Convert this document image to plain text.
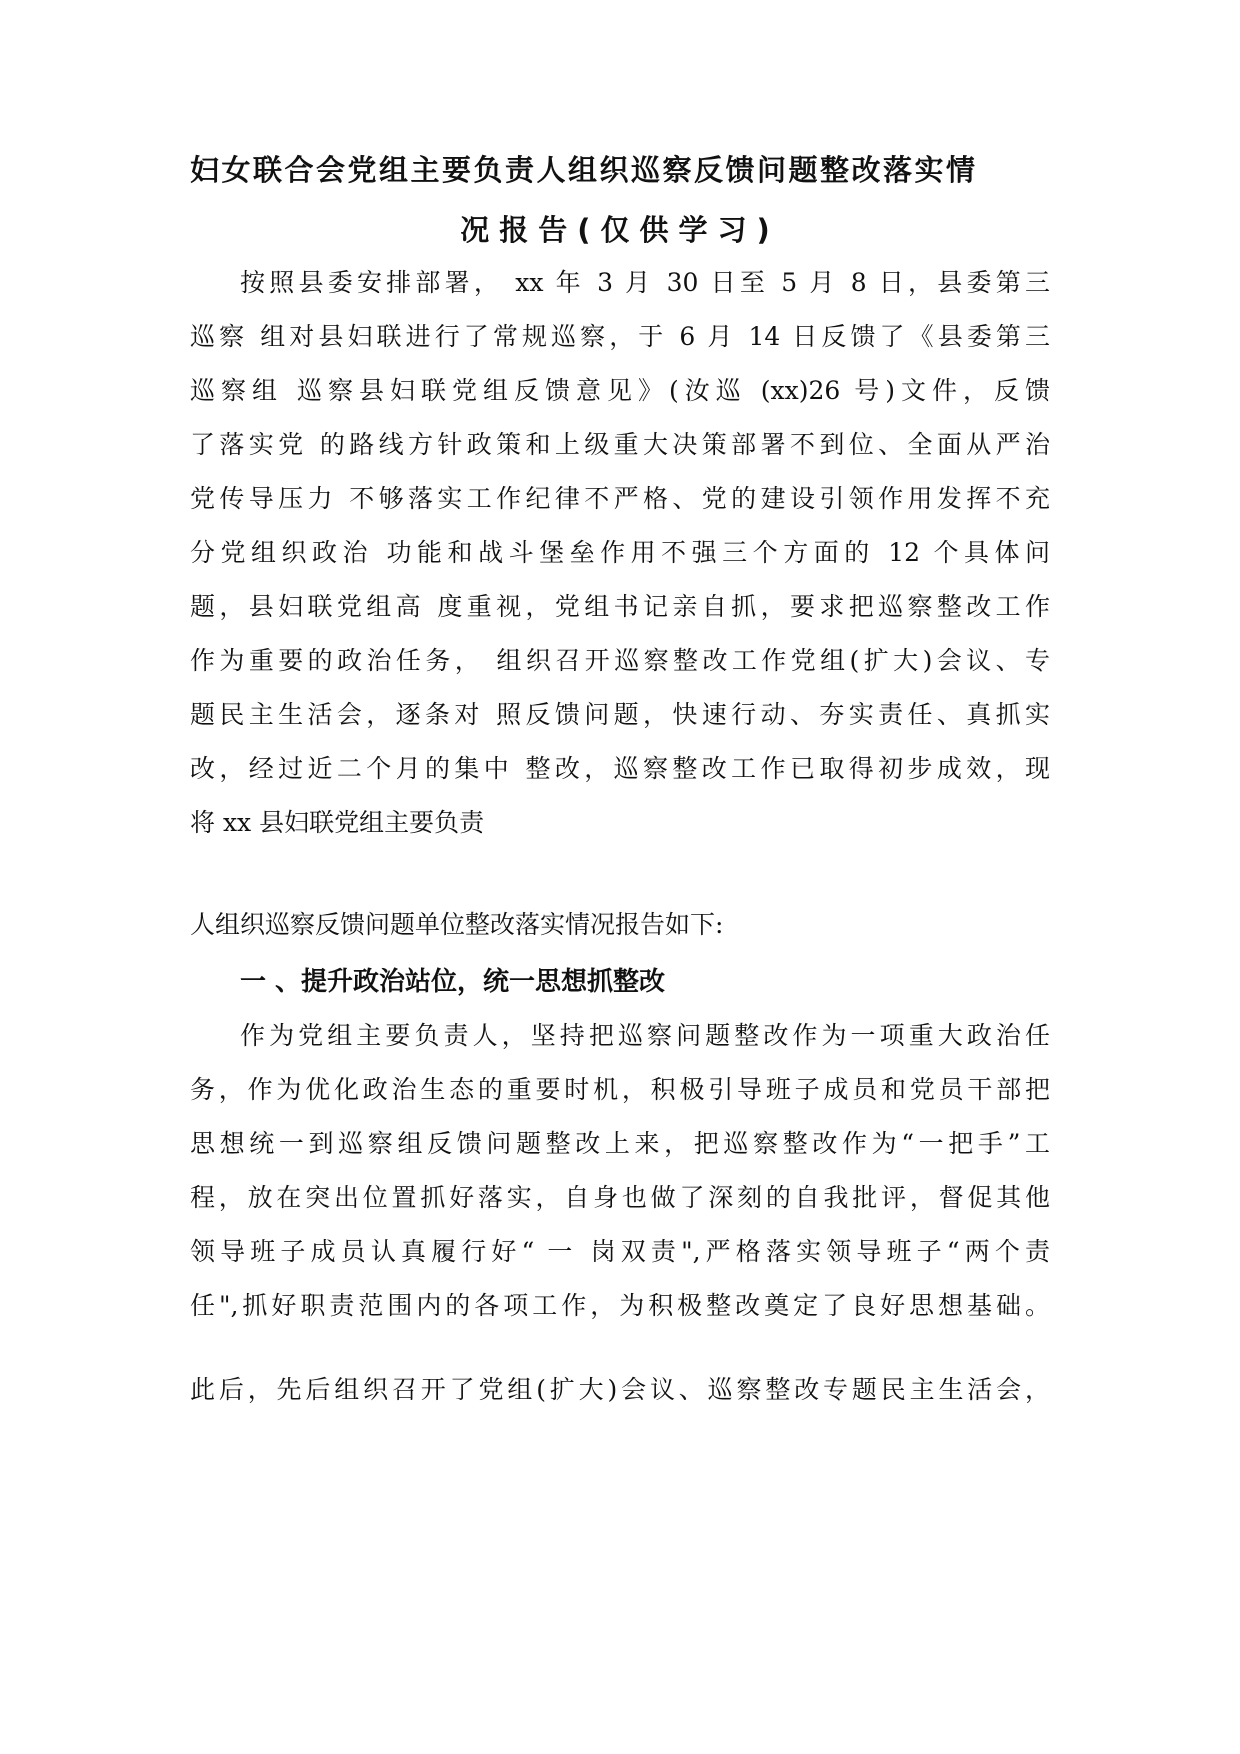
妇女联合会党组主要负责人组织巡察反馈问题整改落实情
况报告(仅供学习)
按照县委安排部署， xx 年 3 月 30 日至 5 月 8 日，县委第三
巡察 组对县妇联进行了常规巡察，于 6 月 14 日反馈了《县委第三
巡察组 巡察县妇联党组反馈意见》(汝巡 (xx)26 号)文件，反馈
了落实党 的路线方针政策和上级重大决策部署不到位、全面从严治
党传导压力 不够落实工作纪律不严格、党的建设引领作用发挥不充
分党组织政治 功能和战斗堡垒作用不强三个方面的 12 个具体问
题，县妇联党组高 度重视，党组书记亲自抓，要求把巡察整改工作
作为重要的政治任务， 组织召开巡察整改工作党组(扩大)会议、专
题民主生活会，逐条对 照反馈问题，快速行动、夯实责任、真抓实
改，经过近二个月的集中 整改，巡察整改工作已取得初步成效，现
将 xx 县妇联党组主要负责
人组织巡察反馈问题单位整改落实情况报告如下:
一 、提升政治站位，统一思想抓整改
作为党组主要负责人，坚持把巡察问题整改作为一项重大政治任
务，作为优化政治生态的重要时机，积极引导班子成员和党员干部把
思想统一到巡察组反馈问题整改上来，把巡察整改作为“一把手”工
程，放在突出位置抓好落实，自身也做了深刻的自我批评，督促其他
领导班子成员认真履行好“ 一 岗双责",严格落实领导班子“两个责
任",抓好职责范围内的各项工作，为积极整改奠定了良好思想基础。
此后，先后组织召开了党组(扩大)会议、巡察整改专题民主生活会，
